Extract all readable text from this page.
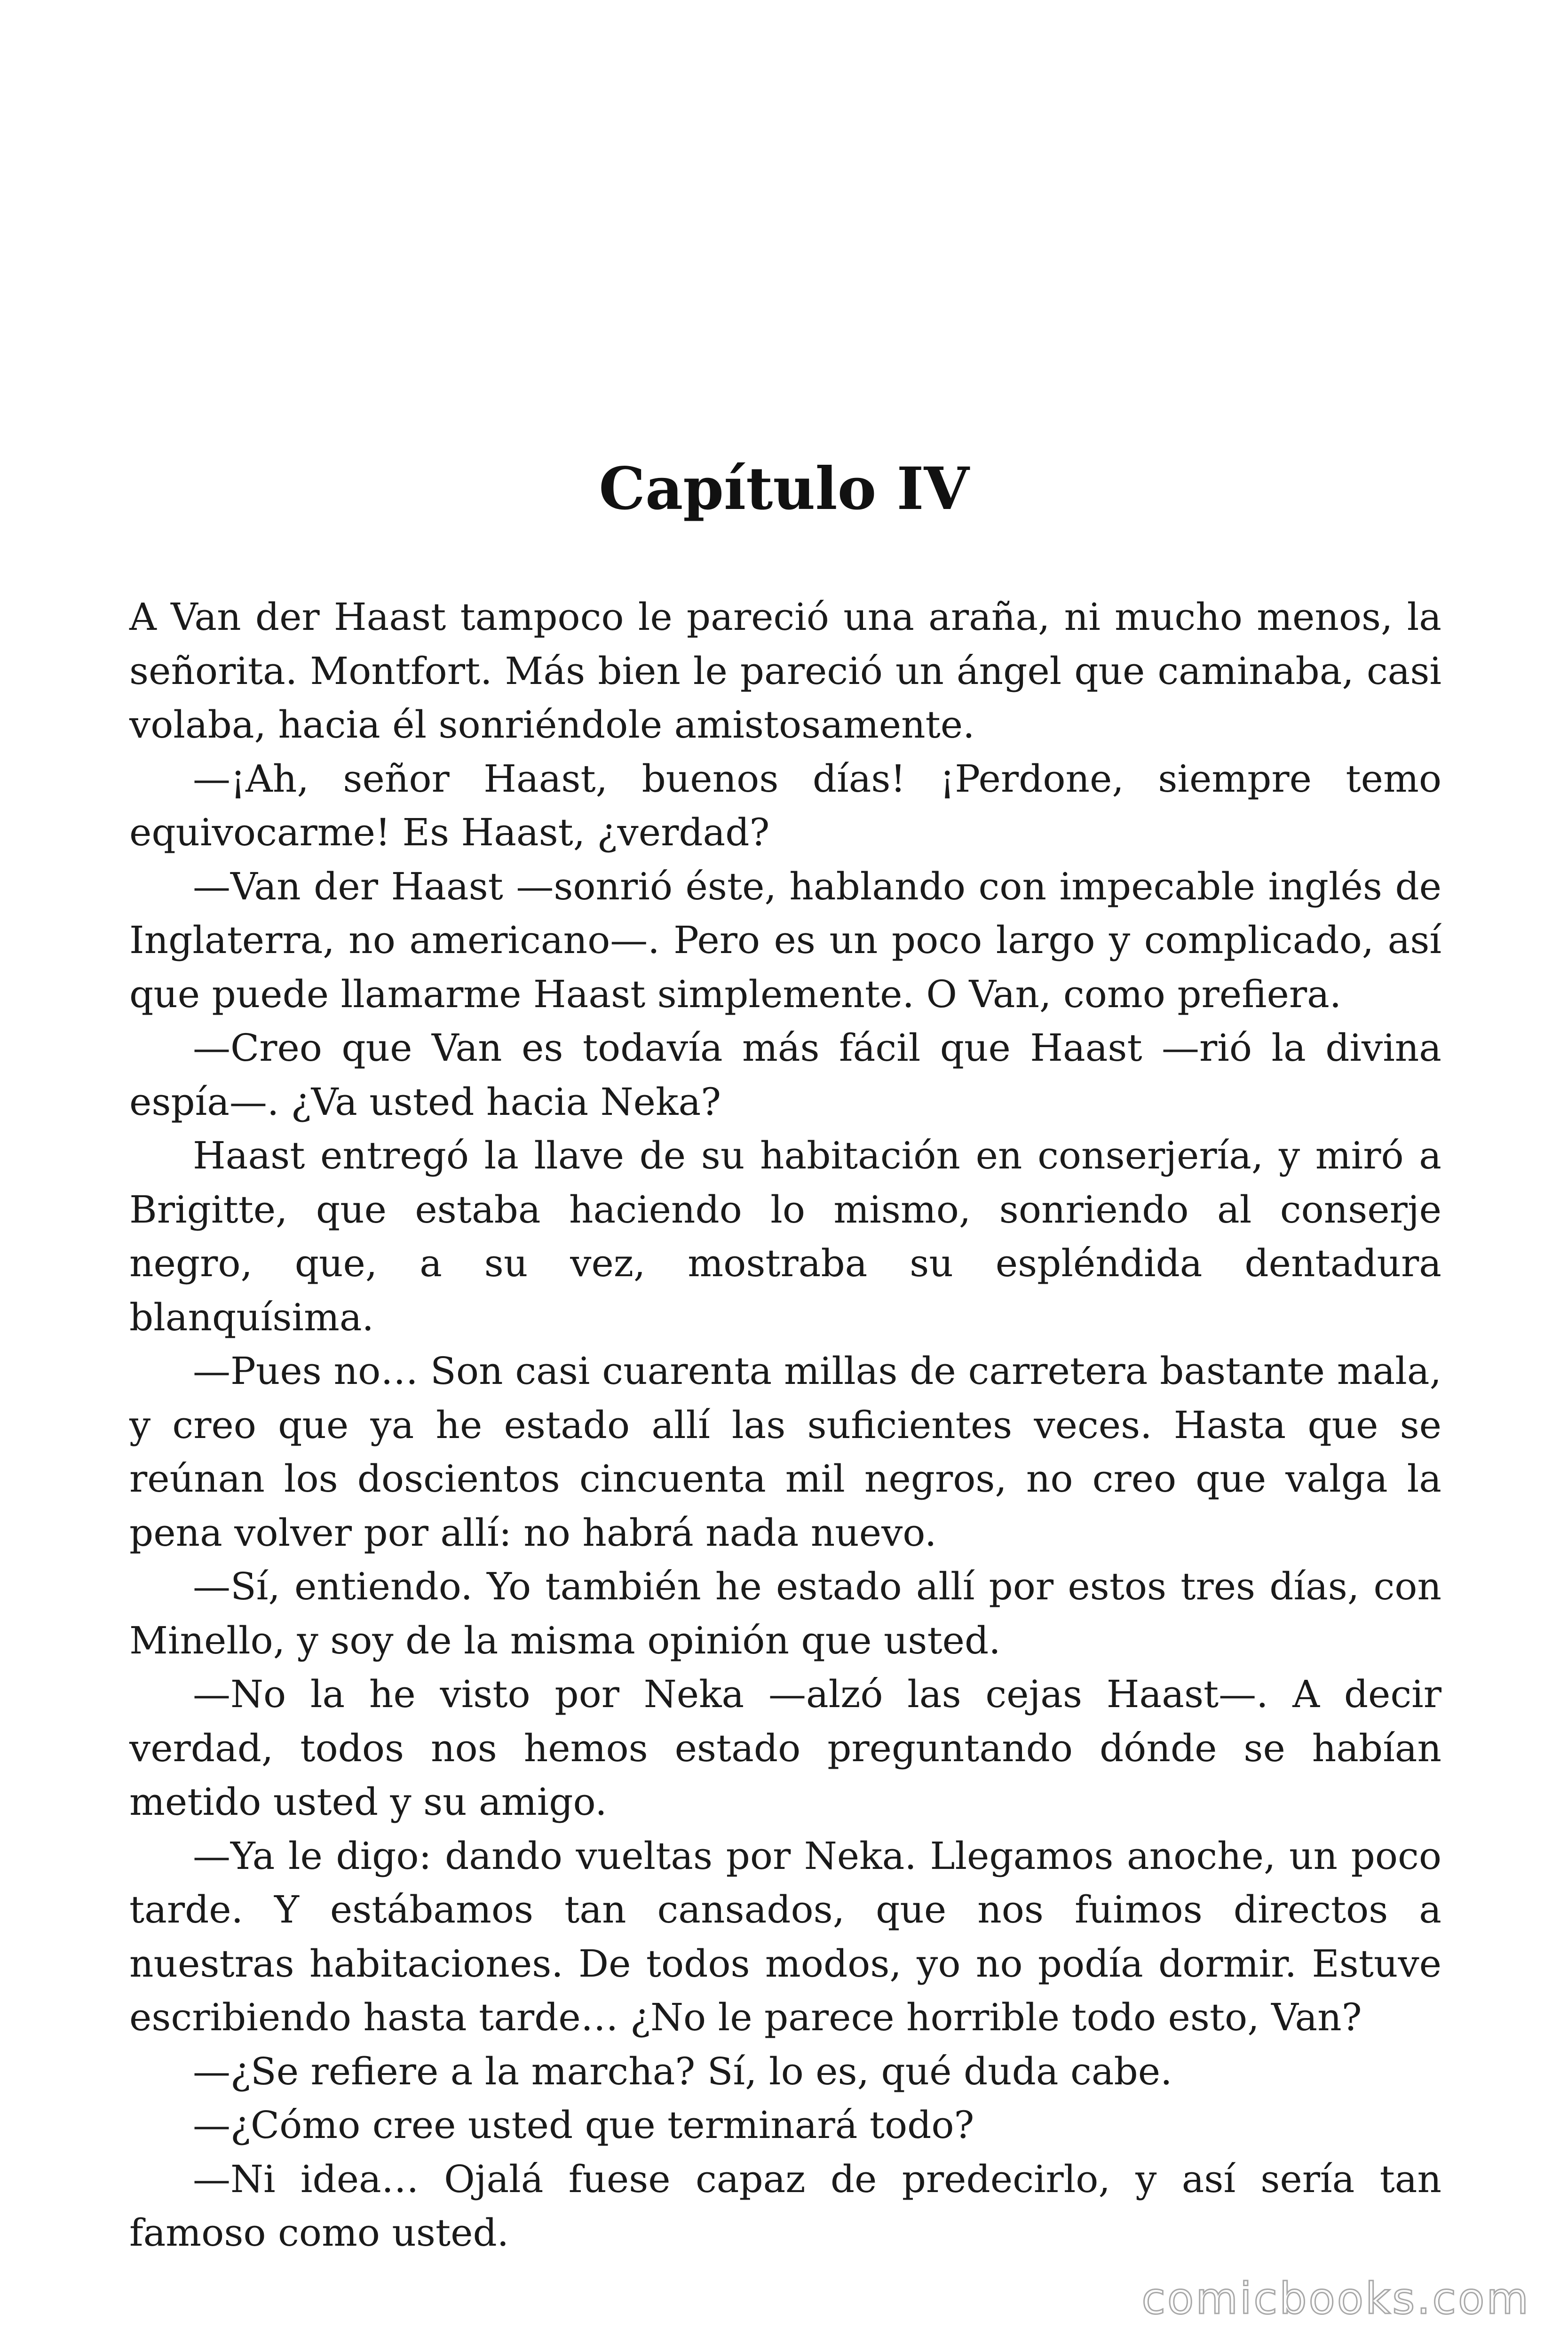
Capítulo IV

A Van der Haast tampoco le pareció una araña, ni mucho menos, la señorita. Montfort. Más bien le pareció un ángel que caminaba, casi volaba, hacia él sonriéndole amistosamente.

—¡Ah, señor Haast, buenos días! ¡Perdone, siempre temo equivocarme! Es Haast, ¿verdad?

—Van der Haast —sonrió éste, hablando con impecable inglés de Inglaterra, no americano—. Pero es un poco largo y complicado, así que puede llamarme Haast simplemente. O Van, como prefiera.

—Creo que Van es todavía más fácil que Haast —rió la divina espía—. ¿Va usted hacia Neka?

Haast entregó la llave de su habitación en conserjería, y miró a Brigitte, que estaba haciendo lo mismo, sonriendo al conserje negro, que, a su vez, mostraba su espléndida dentadura blanquísima.

—Pues no… Son casi cuarenta millas de carretera bastante mala, y creo que ya he estado allí las suficientes veces. Hasta que se reúnan los doscientos cincuenta mil negros, no creo que valga la pena volver por allí: no habrá nada nuevo.

—Sí, entiendo. Yo también he estado allí por estos tres días, con Minello, y soy de la misma opinión que usted.

—No la he visto por Neka —alzó las cejas Haast—. A decir verdad, todos nos hemos estado preguntando dónde se habían metido usted y su amigo.

—Ya le digo: dando vueltas por Neka. Llegamos anoche, un poco tarde. Y estábamos tan cansados, que nos fuimos directos a nuestras habitaciones. De todos modos, yo no podía dormir. Estuve escribiendo hasta tarde… ¿No le parece horrible todo esto, Van?

—¿Se refiere a la marcha? Sí, lo es, qué duda cabe.

—¿Cómo cree usted que terminará todo?

—Ni idea… Ojalá fuese capaz de predecirlo, y así sería tan famoso como usted.

comicbooks.com
